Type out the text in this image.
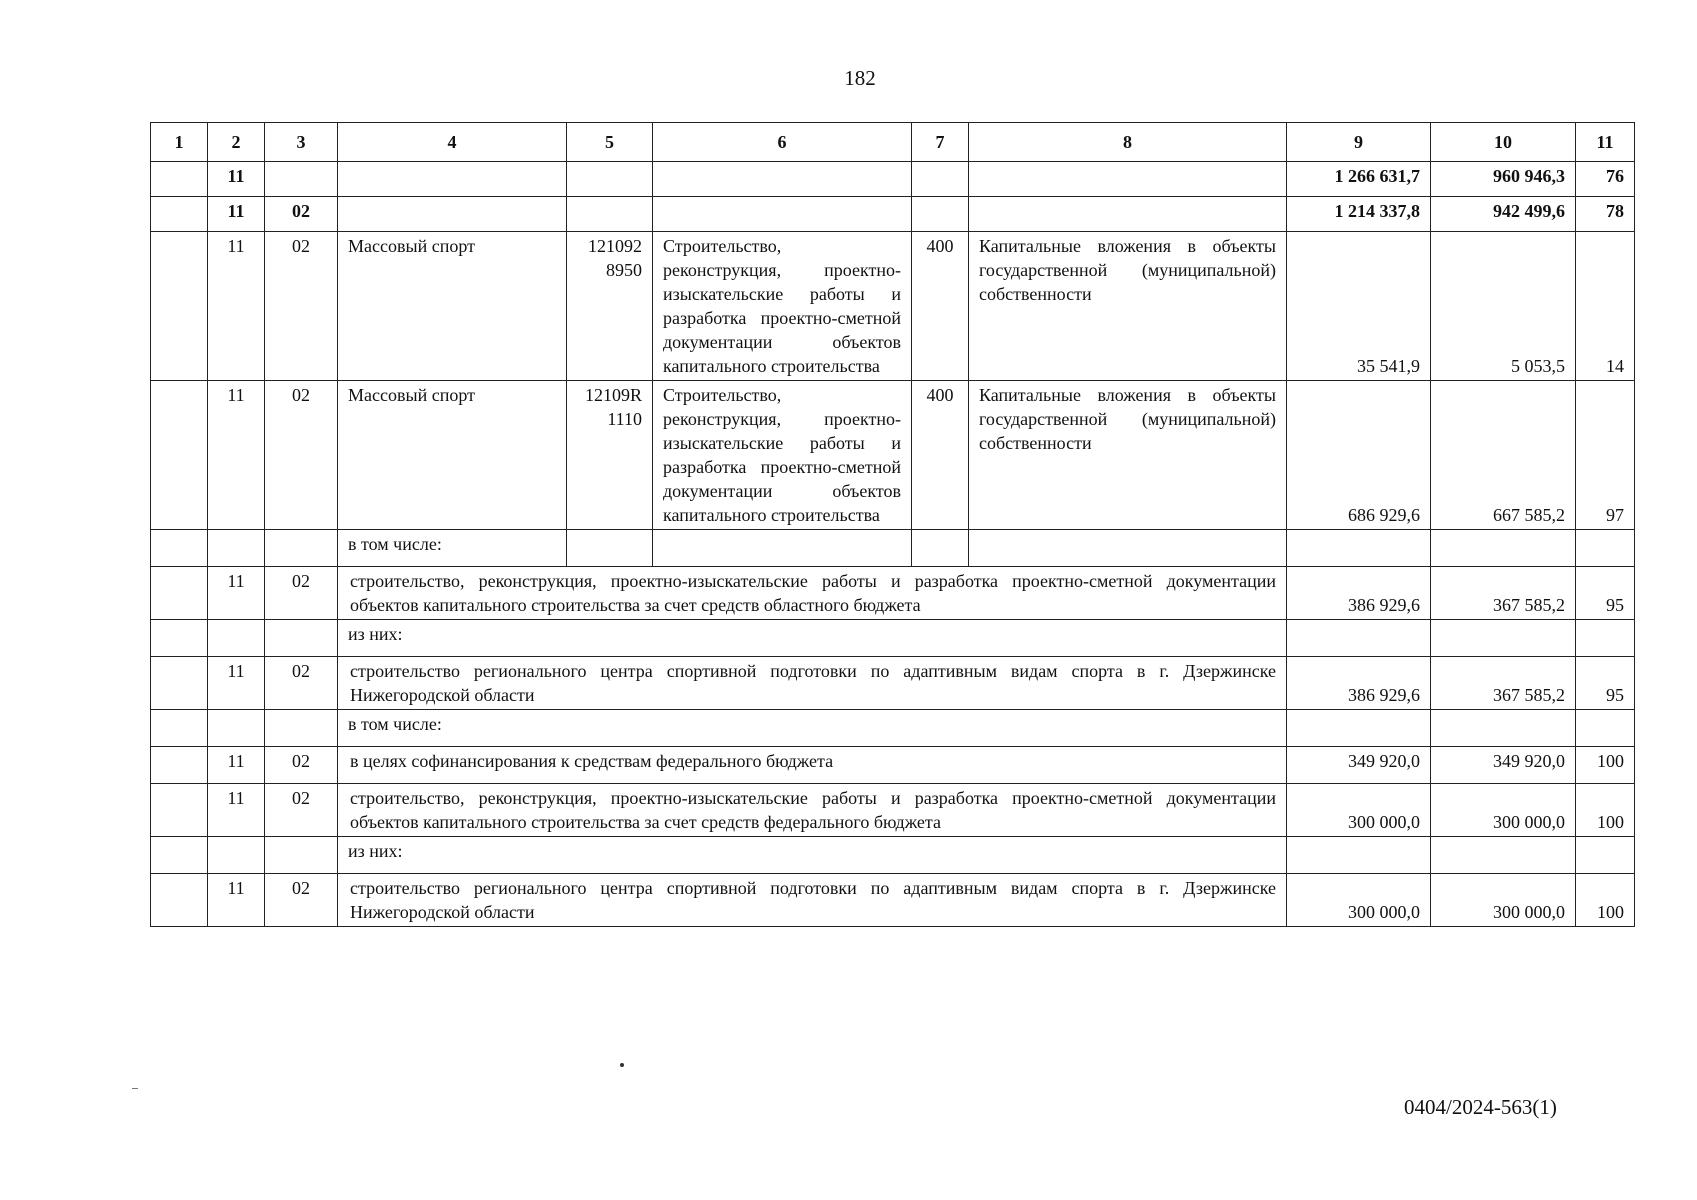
182
1	2	3	4	5	6	7	8	9	10	11
	11							1 266 631,7	960 946,3	76
	11	02						1 214 337,8	942 499,6	78
	11	02	Массовый спорт	121092 8950	Строительство, реконструкция, проектно-изыскательские работы и разработка проектно-сметной документации объектов капитального строительства	400	Капитальные вложения в объекты государственной (муниципальной) собственности	35 541,9	5 053,5	14
	11	02	Массовый спорт	12109R 1110	Строительство, реконструкция, проектно-изыскательские работы и разработка проектно-сметной документации объектов капитального строительства	400	Капитальные вложения в объекты государственной (муниципальной) собственности	686 929,6	667 585,2	97
			в том числе:							
	11	02	строительство, реконструкция, проектно-изыскательские работы и разработка проектно-сметной документации объектов капитального строительства за счет средств областного бюджета					386 929,6	367 585,2	95
			из них:							
	11	02	строительство регионального центра спортивной подготовки по адаптивным видам спорта в г. Дзержинске Нижегородской области					386 929,6	367 585,2	95
			в том числе:							
	11	02	в целях софинансирования к средствам федерального бюджета					349 920,0	349 920,0	100
	11	02	строительство, реконструкция, проектно-изыскательские работы и разработка проектно-сметной документации объектов капитального строительства за счет средств федерального бюджета					300 000,0	300 000,0	100
			из них:							
	11	02	строительство регионального центра спортивной подготовки по адаптивным видам спорта в г. Дзержинске Нижегородской области					300 000,0	300 000,0	100
0404/2024-563(1)
